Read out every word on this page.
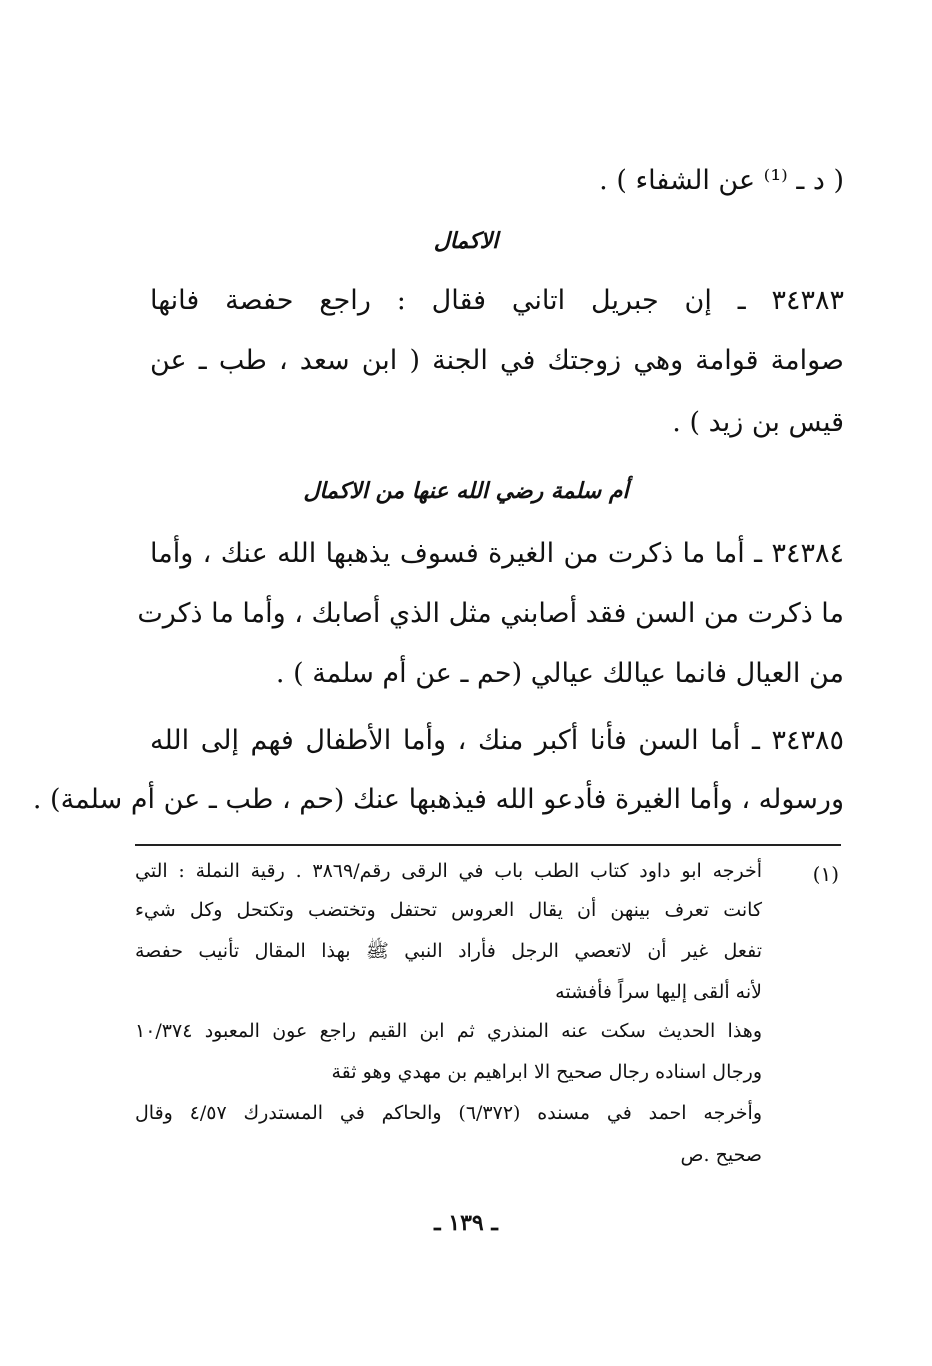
( د ـ ⁽¹⁾ عن الشفاء ) .
الاكمال
٣٤٣٨٣ ـ إن جبريل اتاني فقال : راجع حفصة فانها
صوامة قوامة وهي زوجتك في الجنة ( ابن سعد ، طب ـ عن
قيس بن زيد ) .
أم سلمة رضي الله عنها من الاكمال
٣٤٣٨٤ ـ أما ما ذكرت من الغيرة فسوف يذهبها الله عنك ، وأما
ما ذكرت من السن فقد أصابني مثل الذي أصابك ، وأما ما ذكرت
من العيال فانما عيالك عيالي (حم ـ عن أم سلمة ) .
٣٤٣٨٥ ـ أما السن فأنا أكبر منك ، وأما الأطفال فهم إلى الله
ورسوله ، وأما الغيرة فأدعو الله فيذهبها عنك (حم ، طب ـ عن أم سلمة) .
(١)
أخرجه ابو داود كتاب الطب باب في الرقى رقم/٣٨٦٩ . رقية النملة : التي
كانت تعرف بينهن أن يقال العروس تحتفل وتختضب وتكتحل وكل شيء
تفعل غير أن لاتعصي الرجل فأراد النبي ﷺ بهذا المقال تأنيب حفصة
لأنه ألقى إليها سراً فأفشته
وهذا الحديث سكت عنه المنذري ثم ابن القيم راجع عون المعبود ١٠/٣٧٤
ورجال اسناده رجال صحيح الا ابراهيم بن مهدي وهو ثقة
وأخرجه احمد في مسنده (٦/٣٧٢) والحاكم في المستدرك ٤/٥٧ وقال
صحيح .ص
ـ ١٣٩ ـ
